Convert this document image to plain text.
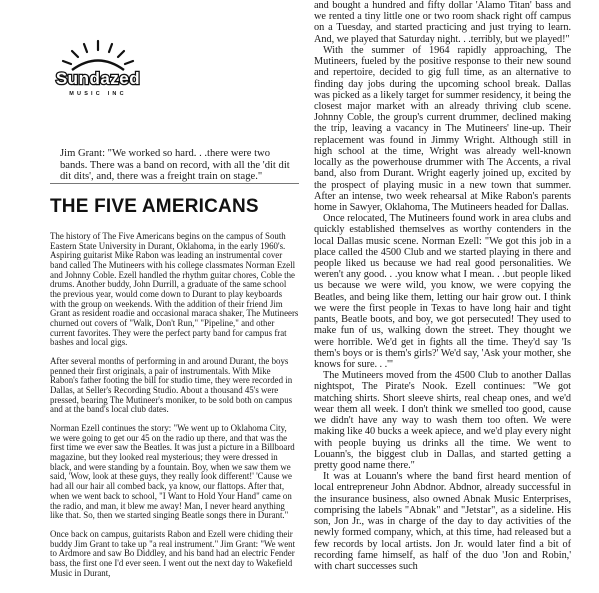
Sundazed
MUSIC INC

Jim Grant: "We worked so hard. . .there were two bands. There was a band on record, with all the 'dit dit dit dits', and, there was a freight train on stage."

THE FIVE AMERICANS

The history of The Five Americans begins on the campus of South Eastern State University in Durant, Oklahoma, in the early 1960's. Aspiring guitarist Mike Rabon was leading an instrumental cover band called The Mutineers with his college classmates Norman Ezell and Johnny Coble. Ezell handled the rhythm guitar chores, Coble the drums. Another buddy, John Durrill, a graduate of the same school the previous year, would come down to Durant to play keyboards with the group on weekends. With the addition of their friend Jim Grant as resident roadie and occasional maraca shaker, The Mutineers churned out covers of "Walk, Don't Run," "Pipeline," and other current favorites. They were the perfect party band for campus frat bashes and local gigs.

After several months of performing in and around Durant, the boys penned their first originals, a pair of instrumentals. With Mike Rabon's father footing the bill for studio time, they were recorded in Dallas, at Seller's Recording Studio. About a thousand 45's were pressed, bearing The Mutineer's moniker, to be sold both on campus and at the band's local club dates.

Norman Ezell continues the story: "We went up to Oklahoma City, we were going to get our 45 on the radio up there, and that was the first time we ever saw the Beatles. It was just a picture in a Billboard magazine, but they looked real mysterious; they were dressed in black, and were standing by a fountain. Boy, when we saw them we said, 'Wow, look at these guys, they really look different!' 'Cause we had all our hair all combed back, ya know, our flattops. After that, when we went back to school, "I Want to Hold Your Hand" came on the radio, and man, it blew me away! Man, I never heard anything like that. So, then we started singing Beatle songs there in Durant."

Once back on campus, guitarists Rabon and Ezell were chiding their buddy Jim Grant to take up "a real instrument." Jim Grant: "We went to Ardmore and saw Bo Diddley, and his band had an electric Fender bass, the first one I'd ever seen. I went out the next day to Wakefield Music in Durant,

and bought a hundred and fifty dollar 'Alamo Titan' bass and we rented a tiny little one or two room shack right off campus on a Tuesday, and started practicing and just trying to learn. And, we played that Saturday night. . .terribly, but we played!"

With the summer of 1964 rapidly approaching, The Mutineers, fueled by the positive response to their new sound and repertoire, decided to gig full time, as an alternative to finding day jobs during the upcoming school break. Dallas was picked as a likely target for summer residency, it being the closest major market with an already thriving club scene. Johnny Coble, the group's current drummer, declined making the trip, leaving a vacancy in The Mutineers' line-up. Their replacement was found in Jimmy Wright. Although still in high school at the time, Wright was already well-known locally as the powerhouse drummer with The Accents, a rival band, also from Durant. Wright eagerly joined up, excited by the prospect of playing music in a new town that summer. After an intense, two week rehearsal at Mike Rabon's parents home in Sawyer, Oklahoma, The Mutineers headed for Dallas.

Once relocated, The Mutineers found work in area clubs and quickly established themselves as worthy contenders in the local Dallas music scene. Norman Ezell: "We got this job in a place called the 4500 Club and we started playing in there and people liked us because we had real good personalities. We weren't any good. . .you know what I mean. . .but people liked us because we were wild, you know, we were copying the Beatles, and being like them, letting our hair grow out. I think we were the first people in Texas to have long hair and tight pants, Beatle boots, and boy, we got persecuted! They used to make fun of us, walking down the street. They thought we were horrible. We'd get in fights all the time. They'd say 'Is them's boys or is them's girls?' We'd say, 'Ask your mother, she knows for sure. . .'"

The Mutineers moved from the 4500 Club to another Dallas nightspot, The Pirate's Nook. Ezell continues: "We got matching shirts. Short sleeve shirts, real cheap ones, and we'd wear them all week. I don't think we smelled too good, cause we didn't have any way to wash them too often. We were making like 40 bucks a week apiece, and we'd play every night with people buying us drinks all the time. We went to Louann's, the biggest club in Dallas, and started getting a pretty good name there."

It was at Louann's where the band first heard mention of local entrepreneur John Abdnor. Abdnor, already successful in the insurance business, also owned Abnak Music Enterprises, comprising the labels "Abnak" and "Jetstar", as a sideline. His son, Jon Jr., was in charge of the day to day activities of the newly formed company, which, at this time, had released but a few records by local artists. Jon Jr. would later find a bit of recording fame himself, as half of the duo 'Jon and Robin,' with chart successes such
